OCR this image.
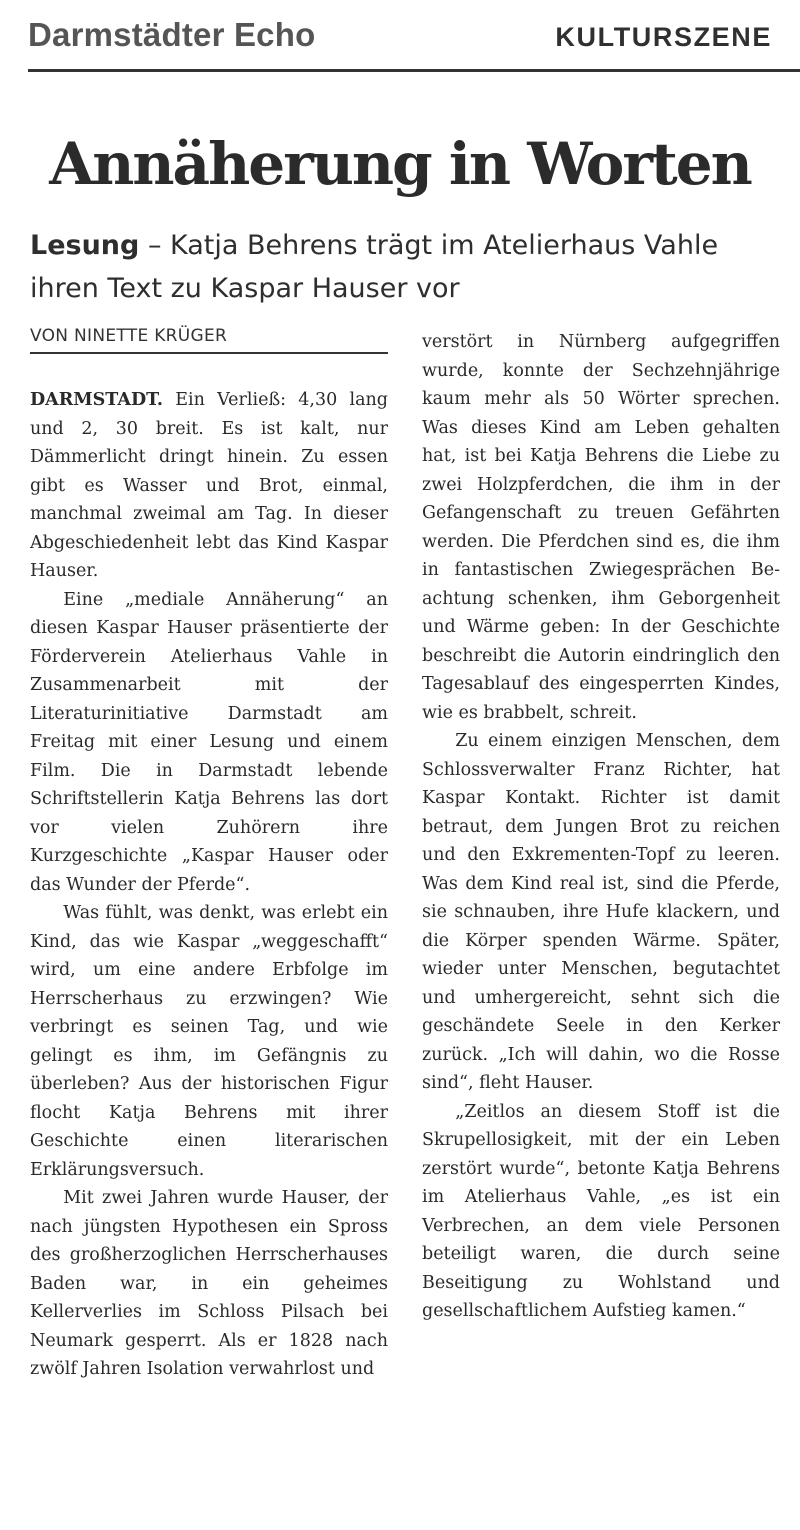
Darmstädter Echo	KULTURSZENE
Annäherung in Worten
Lesung – Katja Behrens trägt im Atelierhaus Vahle ihren Text zu Kaspar Hauser vor
VON NINETTE KRÜGER

DARMSTADT. Ein Verließ: 4,30 lang und 2, 30 breit. Es ist kalt, nur Dämmerlicht dringt hinein. Zu essen gibt es Wasser und Brot, einmal, manchmal zweimal am Tag. In dieser Abgeschiedenheit lebt das Kind Kaspar Hauser.

Eine „mediale Annäherung“ an diesen Kaspar Hauser präsentierte der Förderverein Atelierhaus Vahle in Zusammenarbeit mit der Literaturinitiative Darmstadt am Freitag mit einer Lesung und einem Film. Die in Darmstadt lebende Schriftstellerin Katja Behrens las dort vor vielen Zuhörern ihre Kurzgeschichte „Kaspar Hauser oder das Wunder der Pferde“.

Was fühlt, was denkt, was erlebt ein Kind, das wie Kaspar „weggeschafft“ wird, um eine andere Erbfolge im Herrscherhaus zu erzwingen? Wie verbringt es seinen Tag, und wie gelingt es ihm, im Gefängnis zu überleben? Aus der historischen Figur flocht Katja Behrens mit ihrer Geschichte einen literarischen Erklärungsversuch.

Mit zwei Jahren wurde Hauser, der nach jüngsten Hypothesen ein Spross des großherzoglichen Herrscherhauses Baden war, in ein geheimes Kellerverlies im Schloss Pilsach bei Neumark gesperrt. Als er 1828 nach zwölf Jahren Isolation verwahrlost und

verstört in Nürnberg aufgegriffen wurde, konnte der Sechzehnjährige kaum mehr als 50 Wörter sprechen. Was dieses Kind am Leben gehalten hat, ist bei Katja Behrens die Liebe zu zwei Holzpferdchen, die ihm in der Gefangenschaft zu treuen Gefährten werden. Die Pferdchen sind es, die ihm in fantastischen Zwiegesprächen Beachtung schenken, ihm Geborgenheit und Wärme geben: In der Geschichte beschreibt die Autorin eindringlich den Tagesablauf des eingesperrten Kindes, wie es brabbelt, schreit.

Zu einem einzigen Menschen, dem Schlossverwalter Franz Richter, hat Kaspar Kontakt. Richter ist damit betraut, dem Jungen Brot zu reichen und den Exkrementen-Topf zu leeren. Was dem Kind real ist, sind die Pferde, sie schnauben, ihre Hufe klackern, und die Körper spenden Wärme. Später, wieder unter Menschen, begutachtet und umhergereicht, sehnt sich die geschändete Seele in den Kerker zurück. „Ich will dahin, wo die Rosse sind“, fleht Hauser.

„Zeitlos an diesem Stoff ist die Skrupellosigkeit, mit der ein Leben zerstört wurde“, betonte Katja Behrens im Atelierhaus Vahle, „es ist ein Verbrechen, an dem viele Personen beteiligt waren, die durch seine Beseitigung zu Wohlstand und gesellschaftlichem Aufstieg kamen.“
